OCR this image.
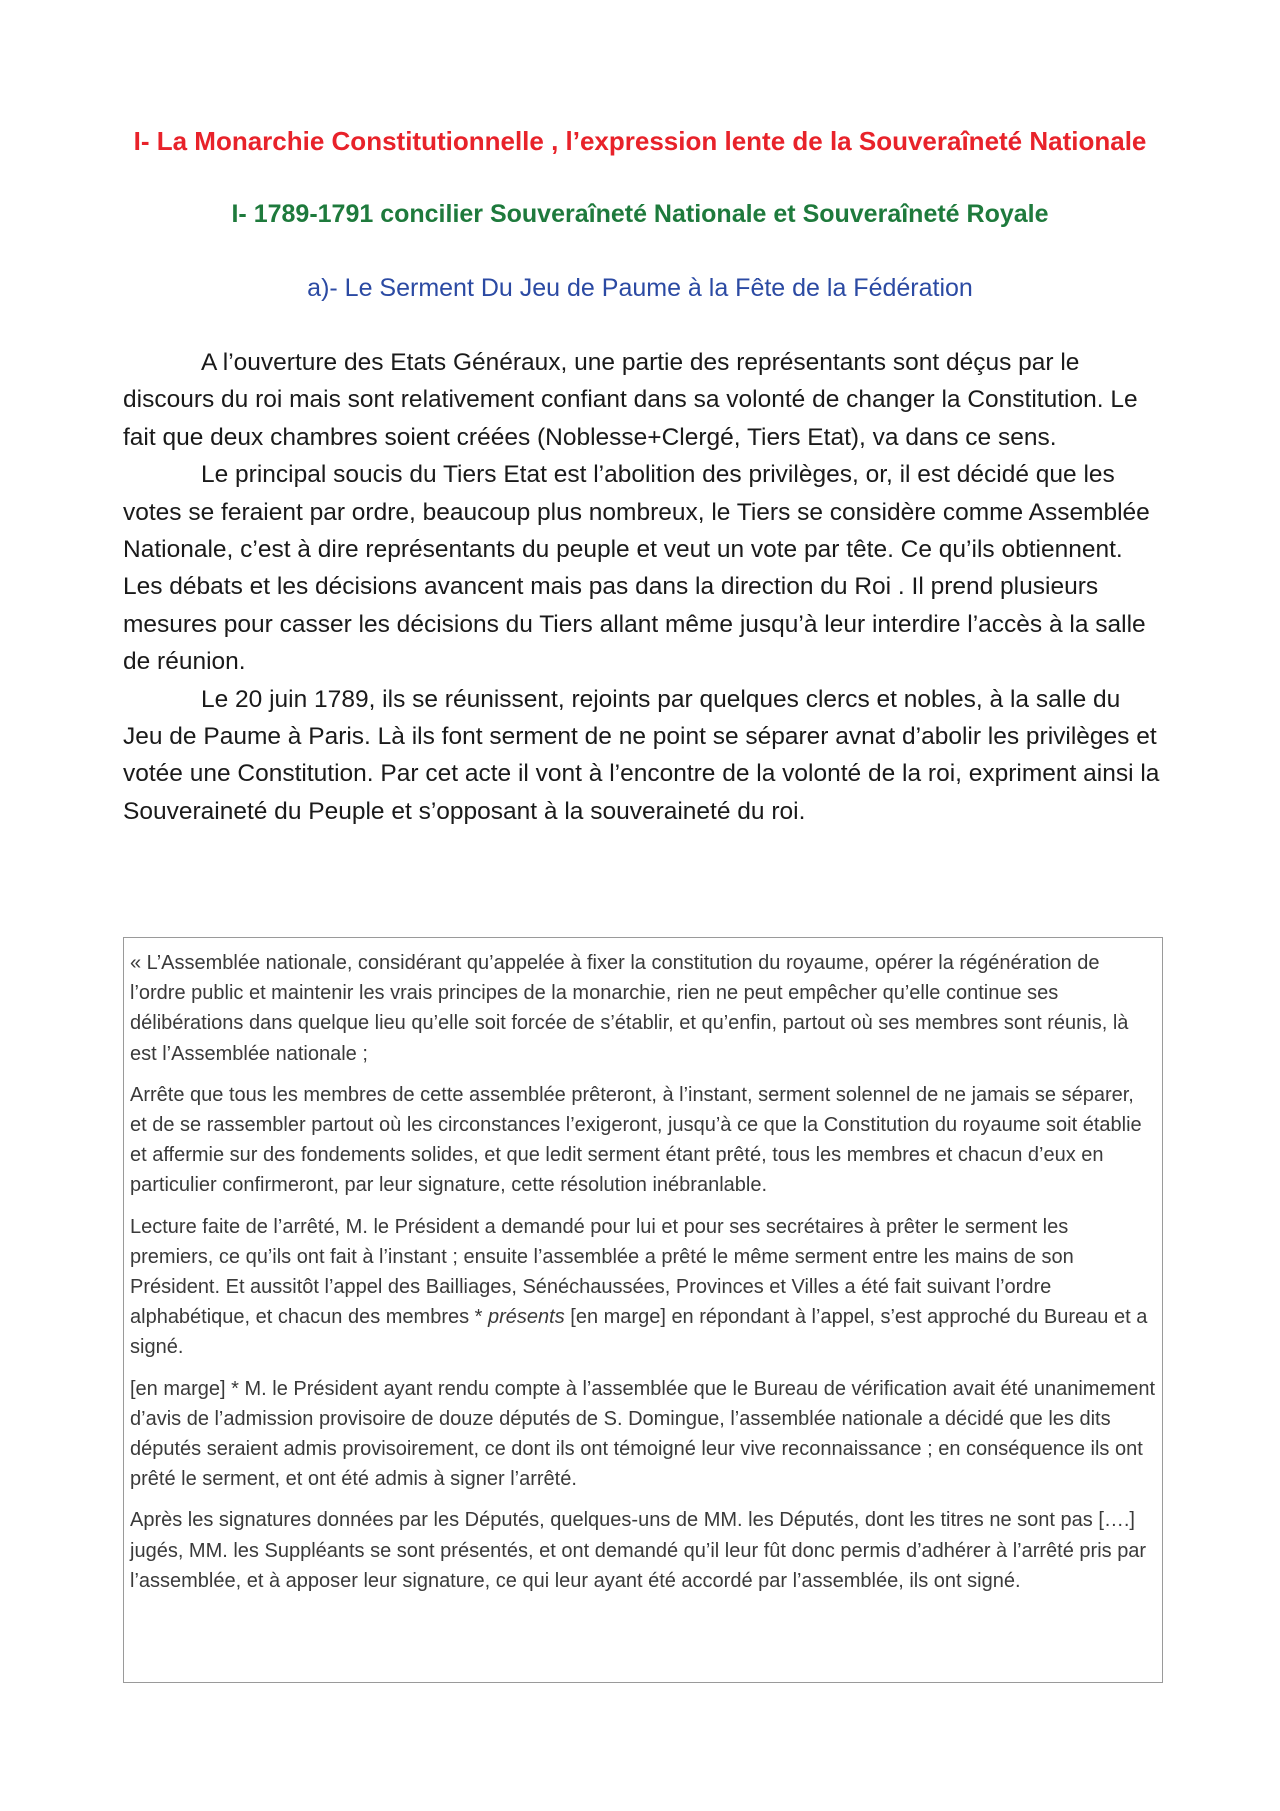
I- La Monarchie Constitutionnelle , l’expression lente de la Souveraîneté Nationale
I- 1789-1791 concilier Souveraîneté Nationale et Souveraîneté Royale
a)- Le Serment Du Jeu de Paume à la Fête de la Fédération

A l’ouverture des Etats Généraux, une partie des représentants sont déçus par le discours du roi mais sont relativement confiant dans sa volonté de changer la Constitution. Le fait que deux chambres soient créées (Noblesse+Clergé, Tiers Etat), va dans ce sens.

Le principal soucis du Tiers Etat est l’abolition des privilèges, or, il est décidé que les votes se feraient par ordre, beaucoup plus nombreux, le Tiers se considère comme Assemblée Nationale, c’est à dire représentants du peuple et veut un vote par tête. Ce qu’ils obtiennent. Les débats et les décisions avancent mais pas dans la direction du Roi . Il prend plusieurs mesures pour casser les décisions du Tiers allant même jusqu’à leur interdire l’accès à la salle de réunion.

Le 20 juin 1789, ils se réunissent, rejoints par quelques clercs et nobles, à la salle du Jeu de Paume à Paris. Là ils font serment de ne point se séparer avnat d’abolir les privilèges et votée une Constitution. Par cet acte il vont à l’encontre de la volonté de la roi, expriment ainsi la Souveraineté du Peuple et s’opposant à la souveraineté du roi.

« L’Assemblée nationale, considérant qu’appelée à fixer la constitution du royaume, opérer la régénération de l’ordre public et maintenir les vrais principes de la monarchie, rien ne peut empêcher qu’elle continue ses délibérations dans quelque lieu qu’elle soit forcée de s’établir, et qu’enfin, partout où ses membres sont réunis, là est l’Assemblée nationale ;

Arrête que tous les membres de cette assemblée prêteront, à l’instant, serment solennel de ne jamais se séparer, et de se rassembler partout où les circonstances l’exigeront, jusqu’à ce que la Constitution du royaume soit établie et affermie sur des fondements solides, et que ledit serment étant prêté, tous les membres et chacun d’eux en particulier confirmeront, par leur signature, cette résolution inébranlable.

Lecture faite de l’arrêté, M. le Président a demandé pour lui et pour ses secrétaires à prêter le serment les premiers, ce qu’ils ont fait à l’instant ; ensuite l’assemblée a prêté le même serment entre les mains de son Président. Et aussitôt l’appel des Bailliages, Sénéchaussées, Provinces et Villes a été fait suivant l’ordre alphabétique, et chacun des membres * présents [en marge] en répondant à l’appel, s’est approché du Bureau et a signé.

[en marge] * M. le Président ayant rendu compte à l’assemblée que le Bureau de vérification avait été unanimement d’avis de l’admission provisoire de douze députés de S. Domingue, l’assemblée nationale a décidé que les dits députés seraient admis provisoirement, ce dont ils ont témoigné leur vive reconnaissance ; en conséquence ils ont prêté le serment, et ont été admis à signer l’arrêté.

Après les signatures données par les Députés, quelques-uns de MM. les Députés, dont les titres ne sont pas [….] jugés, MM. les Suppléants se sont présentés, et ont demandé qu’il leur fût donc permis d’adhérer à l’arrêté pris par l’assemblée, et à apposer leur signature, ce qui leur ayant été accordé par l’assemblée, ils ont signé.
